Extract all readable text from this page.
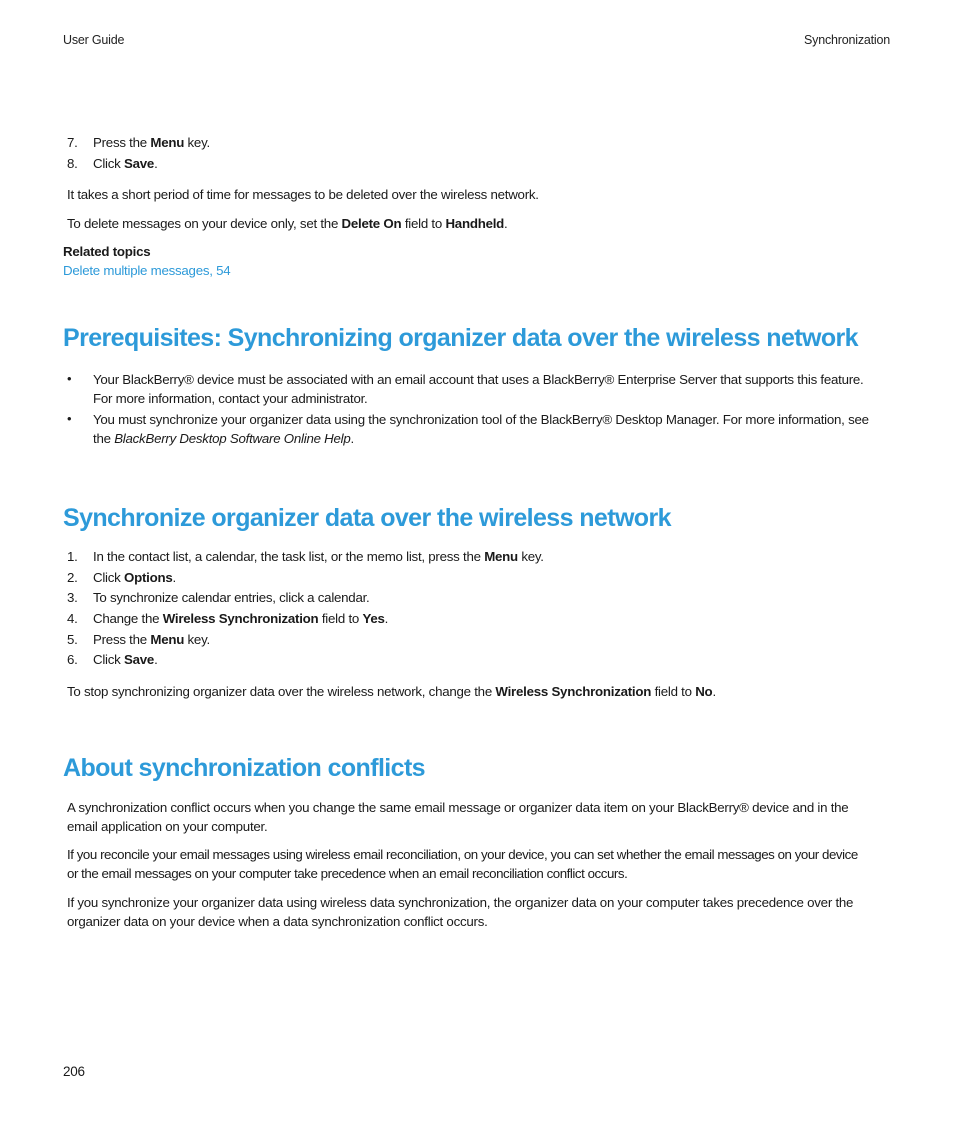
User Guide	Synchronization
7. Press the Menu key.
8. Click Save.
It takes a short period of time for messages to be deleted over the wireless network.
To delete messages on your device only, set the Delete On field to Handheld.
Related topics
Delete multiple messages, 54
Prerequisites: Synchronizing organizer data over the wireless network
• Your BlackBerry® device must be associated with an email account that uses a BlackBerry® Enterprise Server that supports this feature.
For more information, contact your administrator.
• You must synchronize your organizer data using the synchronization tool of the BlackBerry® Desktop Manager. For more information, see
the BlackBerry Desktop Software Online Help.
Synchronize organizer data over the wireless network
1. In the contact list, a calendar, the task list, or the memo list, press the Menu key.
2. Click Options.
3. To synchronize calendar entries, click a calendar.
4. Change the Wireless Synchronization field to Yes.
5. Press the Menu key.
6. Click Save.
To stop synchronizing organizer data over the wireless network, change the Wireless Synchronization field to No.
About synchronization conflicts
A synchronization conflict occurs when you change the same email message or organizer data item on your BlackBerry® device and in the
email application on your computer.
If you reconcile your email messages using wireless email reconciliation, on your device, you can set whether the email messages on your device
or the email messages on your computer take precedence when an email reconciliation conflict occurs.
If you synchronize your organizer data using wireless data synchronization, the organizer data on your computer takes precedence over the
organizer data on your device when a data synchronization conflict occurs.
206
